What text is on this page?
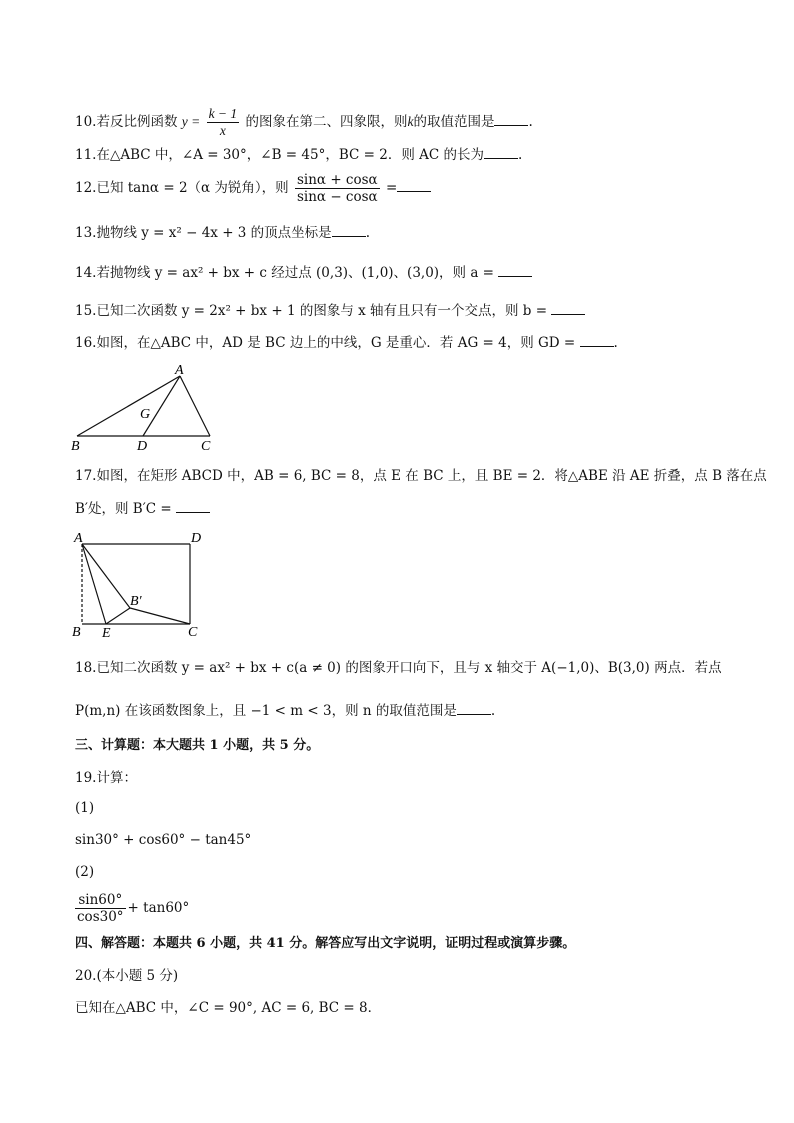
10.若反比例函数 $y = \frac{k - 1}{x}$ 的图象在第二、四象限，则k的取值范围是	.
11.在△ABC 中，∠A = 30°，∠B = 45°，BC = 2．则 AC 的长为	.
12.已知 tanα = 2（α 为锐角），则 $\frac{\sin\alpha + \cos\alpha}{\sin\alpha - \cos\alpha}$ =
13.抛物线 y = x² − 4x + 3 的顶点坐标是	.
14.若抛物线 y = ax² + bx + c 经过点 (0,3)、(1,0)、(3,0)，则 a =
15.已知二次函数 y = 2x² + bx + 1 的图象与 x 轴有且只有一个交点，则 b =
16.如图，在△ABC 中，AD 是 BC 边上的中线，G 是重心．若 AG = 4，则 GD =	.
A
B	C
D
G
17.如图，在矩形 ABCD 中，AB = 6, BC = 8，点 E 在 BC 上，且 BE = 2．将△ABE 沿 AE 折叠，点 B 落在点
B′处，则 B′C =
A	D
B	C
E
B′
18.已知二次函数 y = ax² + bx + c(a ≠ 0) 的图象开口向下，且与 x 轴交于 A(−1,0)、B(3,0) 两点．若点
P(m,n) 在该函数图象上，且 −1 < m < 3，则 n 的取值范围是	.
三、计算题：本大题共 1 小题，共 5 分。
19.计算：
(1)
sin30° + cos60° − tan45°
(2)
$\frac{\sin 60^\circ}{\cos 30^\circ} + \tan 60^\circ$
四、解答题：本题共 6 小题，共 41 分。解答应写出文字说明，证明过程或演算步骤。
20.(本小题 5 分)
已知在△ABC 中，∠C = 90°, AC = 6, BC = 8．
